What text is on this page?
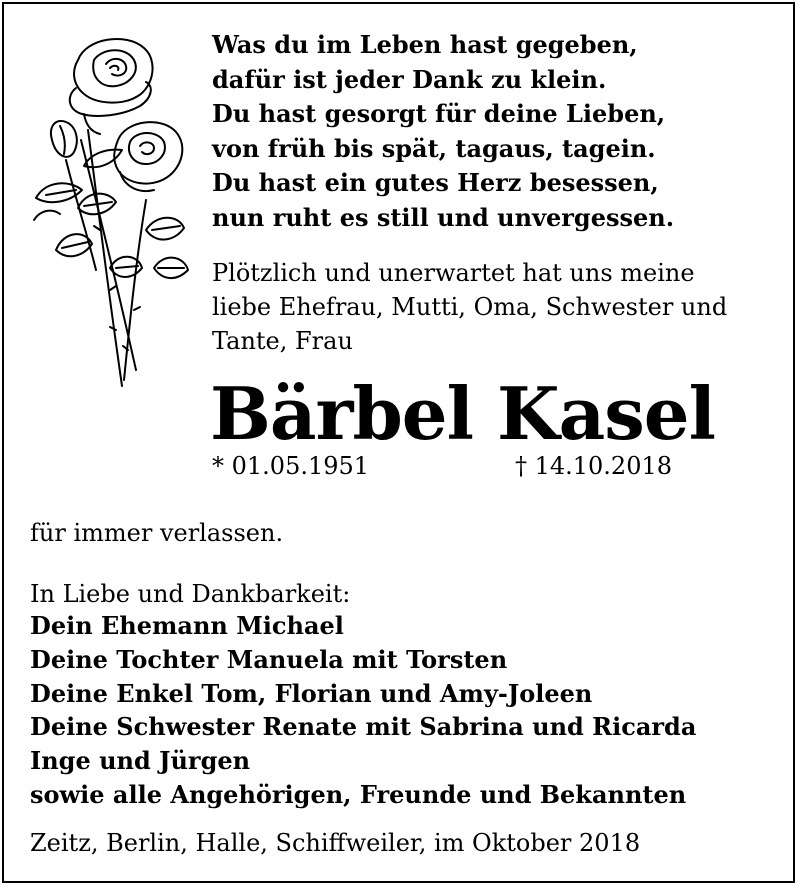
Was du im Leben hast gegeben,
dafür ist jeder Dank zu klein.
Du hast gesorgt für deine Lieben,
von früh bis spät, tagaus, tagein.
Du hast ein gutes Herz besessen,
nun ruht es still und unvergessen.
Plötzlich und unerwartet hat uns meine
liebe Ehefrau, Mutti, Oma, Schwester und
Tante, Frau
Bärbel Kasel
* 01.05.1951	† 14.10.2018
für immer verlassen.
In Liebe und Dankbarkeit:
Dein Ehemann Michael
Deine Tochter Manuela mit Torsten
Deine Enkel Tom, Florian und Amy-Joleen
Deine Schwester Renate mit Sabrina und Ricarda
Inge und Jürgen
sowie alle Angehörigen, Freunde und Bekannten
Zeitz, Berlin, Halle, Schiffweiler, im Oktober 2018
